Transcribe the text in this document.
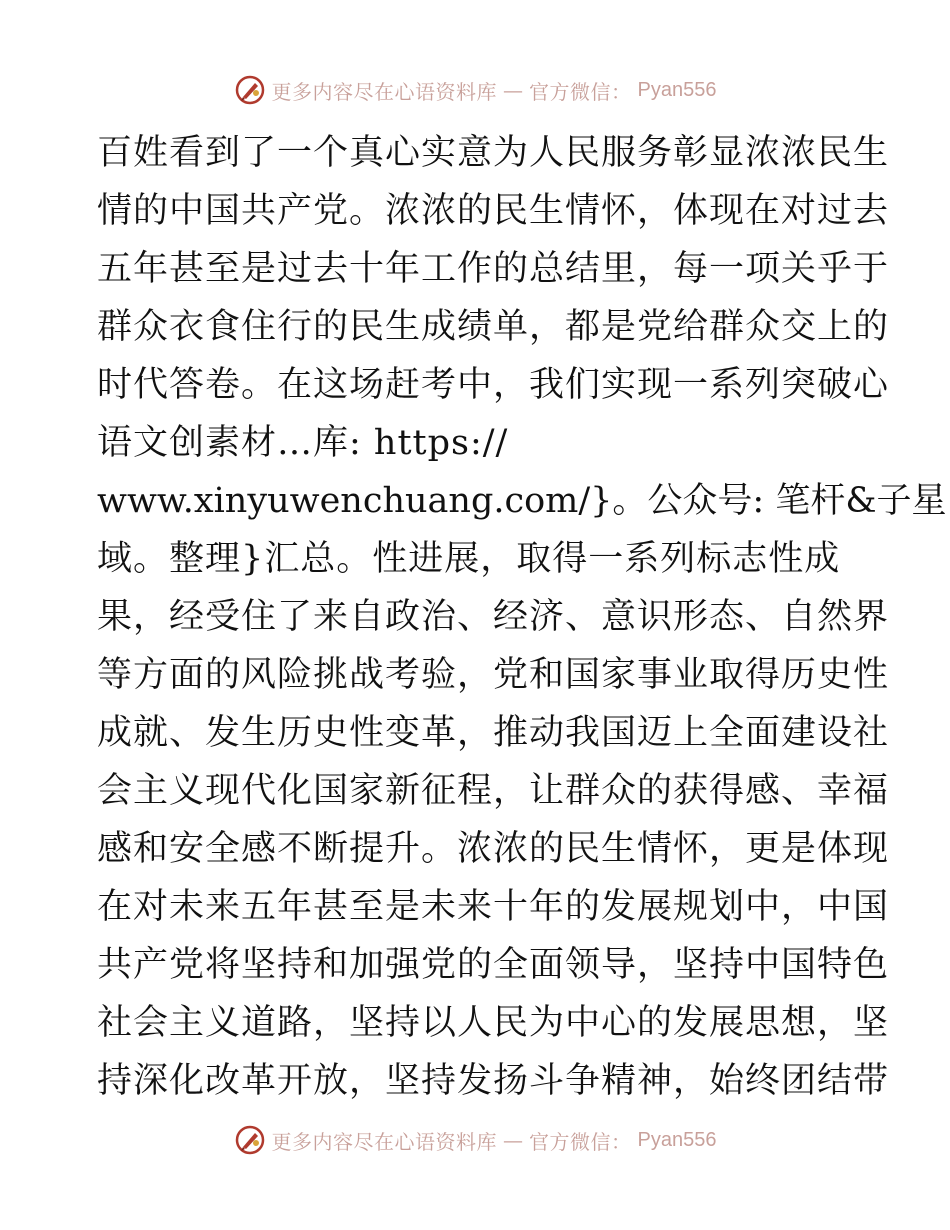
更多内容尽在心语资料库 — 官方微信： Pyan556
百姓看到了一个真心实意为人民服务彰显浓浓民生
情的中国共产党。浓浓的民生情怀，体现在对过去
五年甚至是过去十年工作的总结里，每一项关乎于
群众衣食住行的民生成绩单，都是党给群众交上的
时代答卷。在这场赶考中，我们实现一系列突破心
语文创素材…库: https://
www.xinyuwenchuang.com/}。公众号: 笔杆&子星
域。整理}汇总。性进展，取得一系列标志性成
果，经受住了来自政治、经济、意识形态、自然界
等方面的风险挑战考验，党和国家事业取得历史性
成就、发生历史性变革，推动我国迈上全面建设社
会主义现代化国家新征程，让群众的获得感、幸福
感和安全感不断提升。浓浓的民生情怀，更是体现
在对未来五年甚至是未来十年的发展规划中，中国
共产党将坚持和加强党的全面领导，坚持中国特色
社会主义道路，坚持以人民为中心的发展思想，坚
持深化改革开放，坚持发扬斗争精神，始终团结带
更多内容尽在心语资料库 — 官方微信： Pyan556
